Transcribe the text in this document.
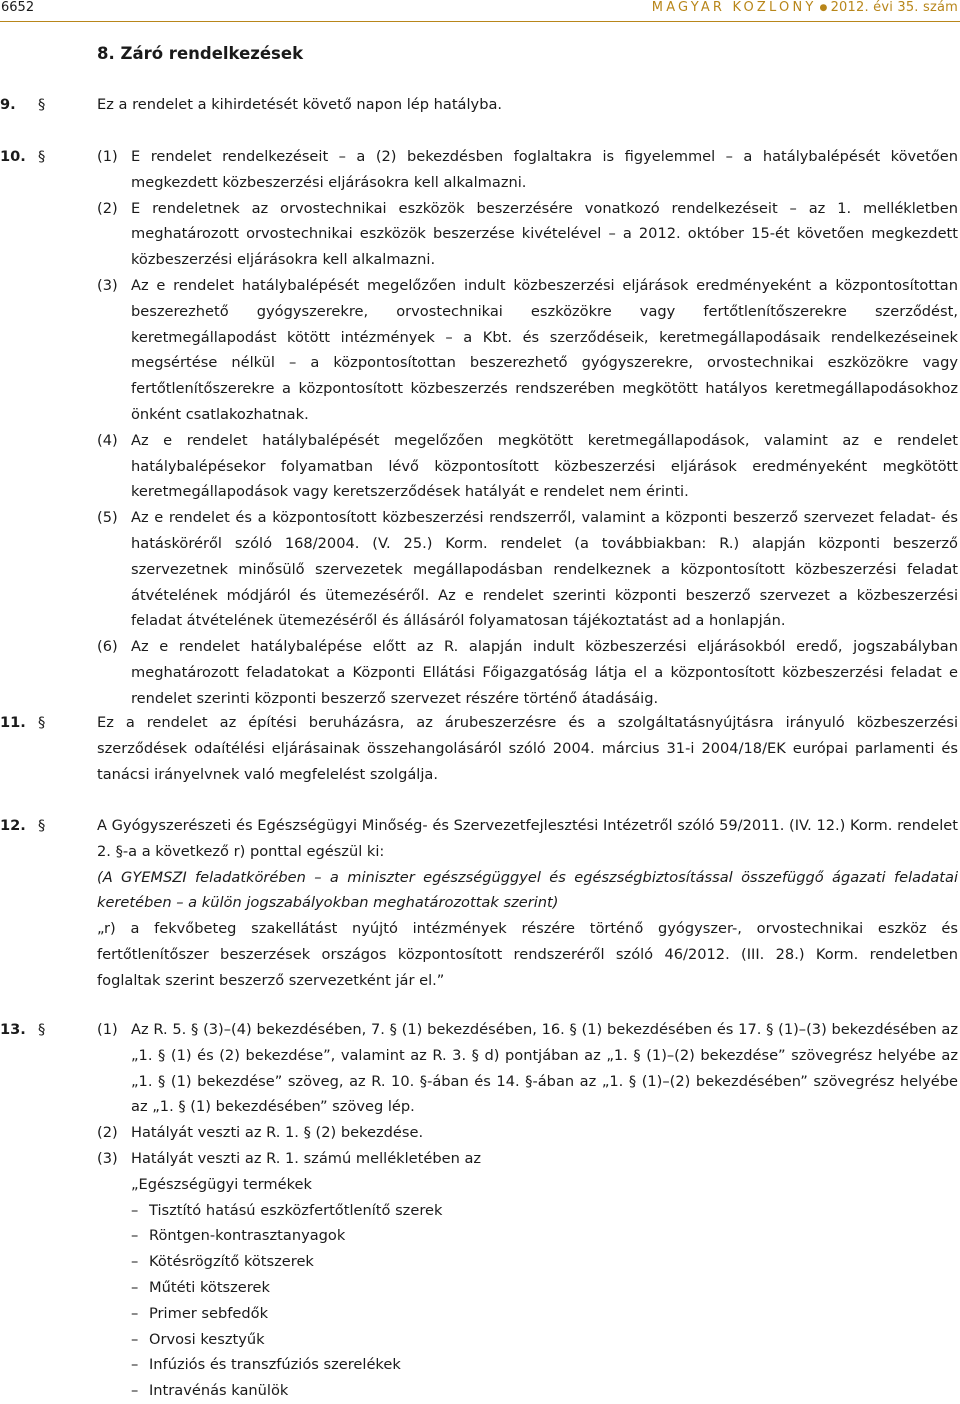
6652	MAGYAR KÖZLÖNY ● 2012. évi 35. szám
8. Záró rendelkezések
9. §	Ez a rendelet a kihirdetését követő napon lép hatályba.
10. §	(1) E rendelet rendelkezéseit – a (2) bekezdésben foglaltakra is figyelemmel – a hatálybalépését követően megkezdett közbeszerzési eljárásokra kell alkalmazni.
(2) E rendeletnek az orvostechnikai eszközök beszerzésére vonatkozó rendelkezéseit – az 1. mellékletben meghatározott orvostechnikai eszközök beszerzése kivételével – a 2012. október 15-ét követően megkezdett közbeszerzési eljárásokra kell alkalmazni.
(3) Az e rendelet hatálybalépését megelőzően indult közbeszerzési eljárások eredményeként a központosítottan beszerezhető gyógyszerekre, orvostechnikai eszközökre vagy fertőtlenítőszerekre szerződést, keretmegállapodást kötött intézmények – a Kbt. és szerződéseik, keretmegállapodásaik rendelkezéseinek megsértése nélkül – a központosítottan beszerezhető gyógyszerekre, orvostechnikai eszközökre vagy fertőtlenítőszerekre a központosított közbeszerzés rendszerében megkötött hatályos keretmegállapodásokhoz önként csatlakozhatnak.
(4) Az e rendelet hatálybalépését megelőzően megkötött keretmegállapodások, valamint az e rendelet hatálybalépésekor folyamatban lévő központosított közbeszerzési eljárások eredményeként megkötött keretmegállapodások vagy keretszerződések hatályát e rendelet nem érinti.
(5) Az e rendelet és a központosított közbeszerzési rendszerről, valamint a központi beszerző szervezet feladat- és hatásköréről szóló 168/2004. (V. 25.) Korm. rendelet (a továbbiakban: R.) alapján központi beszerző szervezetnek minősülő szervezetek megállapodásban rendelkeznek a központosított közbeszerzési feladat átvételének módjáról és ütemezéséről. Az e rendelet szerinti központi beszerző szervezet a közbeszerzési feladat átvételének ütemezéséről és állásáról folyamatosan tájékoztatást ad a honlapján.
(6) Az e rendelet hatálybalépése előtt az R. alapján indult közbeszerzési eljárásokból eredő, jogszabályban meghatározott feladatokat a Központi Ellátási Főigazgatóság látja el a központosított közbeszerzési feladat e rendelet szerinti központi beszerző szervezet részére történő átadásáig.
11. §	Ez a rendelet az építési beruházásra, az árubeszerzésre és a szolgáltatásnyújtásra irányuló közbeszerzési szerződések odaítélési eljárásainak összehangolásáról szóló 2004. március 31-i 2004/18/EK európai parlamenti és tanácsi irányelvnek való megfelelést szolgálja.
12. §	A Gyógyszerészeti és Egészségügyi Minőség- és Szervezetfejlesztési Intézetről szóló 59/2011. (IV. 12.) Korm. rendelet 2. §-a a következő r) ponttal egészül ki:
(A GYEMSZI feladatkörében – a miniszter egészségüggyel és egészségbiztosítással összefüggő ágazati feladatai keretében – a külön jogszabályokban meghatározottak szerint)
„r) a fekvőbeteg szakellátást nyújtó intézmények részére történő gyógyszer-, orvostechnikai eszköz és fertőtlenítőszer beszerzések országos központosított rendszeréről szóló 46/2012. (III. 28.) Korm. rendeletben foglaltak szerint beszerző szervezetként jár el.”
13. §	(1) Az R. 5. § (3)–(4) bekezdésében, 7. § (1) bekezdésében, 16. § (1) bekezdésében és 17. § (1)–(3) bekezdésében az „1. § (1) és (2) bekezdése”, valamint az R. 3. § d) pontjában az „1. § (1)–(2) bekezdése” szövegrész helyébe az „1. § (1) bekezdése” szöveg, az R. 10. §-ában és 14. §-ában az „1. § (1)–(2) bekezdésében” szövegrész helyébe az „1. § (1) bekezdésében” szöveg lép.
(2) Hatályát veszti az R. 1. § (2) bekezdése.
(3) Hatályát veszti az R. 1. számú mellékletében az
„Egészségügyi termékek
– Tisztító hatású eszközfertőtlenítő szerek
– Röntgen-kontrasztanyagok
– Kötésrögzítő kötszerek
– Műtéti kötszerek
– Primer sebfedők
– Orvosi kesztyűk
– Infúziós és transzfúziós szerelékek
– Intravénás kanülök
